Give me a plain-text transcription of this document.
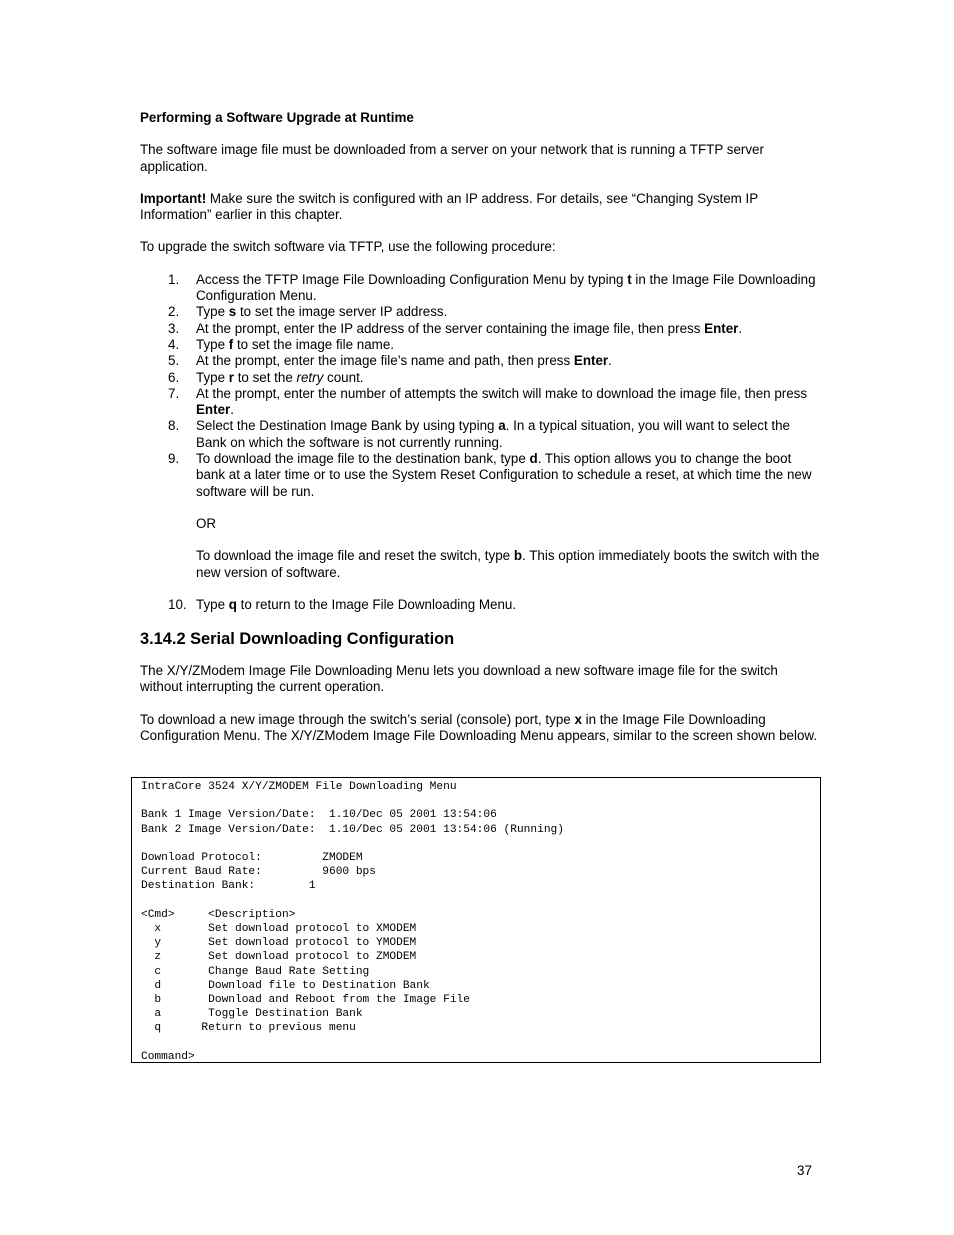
Performing a Software Upgrade at Runtime

The software image file must be downloaded from a server on your network that is running a TFTP server application.

Important! Make sure the switch is configured with an IP address. For details, see “Changing System IP Information” earlier in this chapter.

To upgrade the switch software via TFTP, use the following procedure:

1. Access the TFTP Image File Downloading Configuration Menu by typing t in the Image File Downloading Configuration Menu.
2. Type s to set the image server IP address.
3. At the prompt, enter the IP address of the server containing the image file, then press Enter.
4. Type f to set the image file name.
5. At the prompt, enter the image file’s name and path, then press Enter.
6. Type r to set the retry count.
7. At the prompt, enter the number of attempts the switch will make to download the image file, then press Enter.
8. Select the Destination Image Bank by using typing a. In a typical situation, you will want to select the Bank on which the software is not currently running.
9. To download the image file to the destination bank, type d. This option allows you to change the boot bank at a later time or to use the System Reset Configuration to schedule a reset, at which time the new software will be run.

OR

To download the image file and reset the switch, type b. This option immediately boots the switch with the new version of software.

10. Type q to return to the Image File Downloading Menu.
3.14.2 Serial Downloading Configuration

The X/Y/ZModem Image File Downloading Menu lets you download a new software image file for the switch without interrupting the current operation.

To download a new image through the switch’s serial (console) port, type x in the Image File Downloading Configuration Menu. The X/Y/ZModem Image File Downloading Menu appears, similar to the screen shown below.

IntraCore 3524 X/Y/ZMODEM File Downloading Menu

Bank 1 Image Version/Date:  1.10/Dec 05 2001 13:54:06
Bank 2 Image Version/Date:  1.10/Dec 05 2001 13:54:06 (Running)

Download Protocol:         ZMODEM
Current Baud Rate:         9600 bps
Destination Bank:        1

<Cmd>     <Description>
x       Set download protocol to XMODEM
y       Set download protocol to YMODEM
z       Set download protocol to ZMODEM
c       Change Baud Rate Setting
d       Download file to Destination Bank
b       Download and Reboot from the Image File
a       Toggle Destination Bank
q      Return to previous menu

Command>
37
